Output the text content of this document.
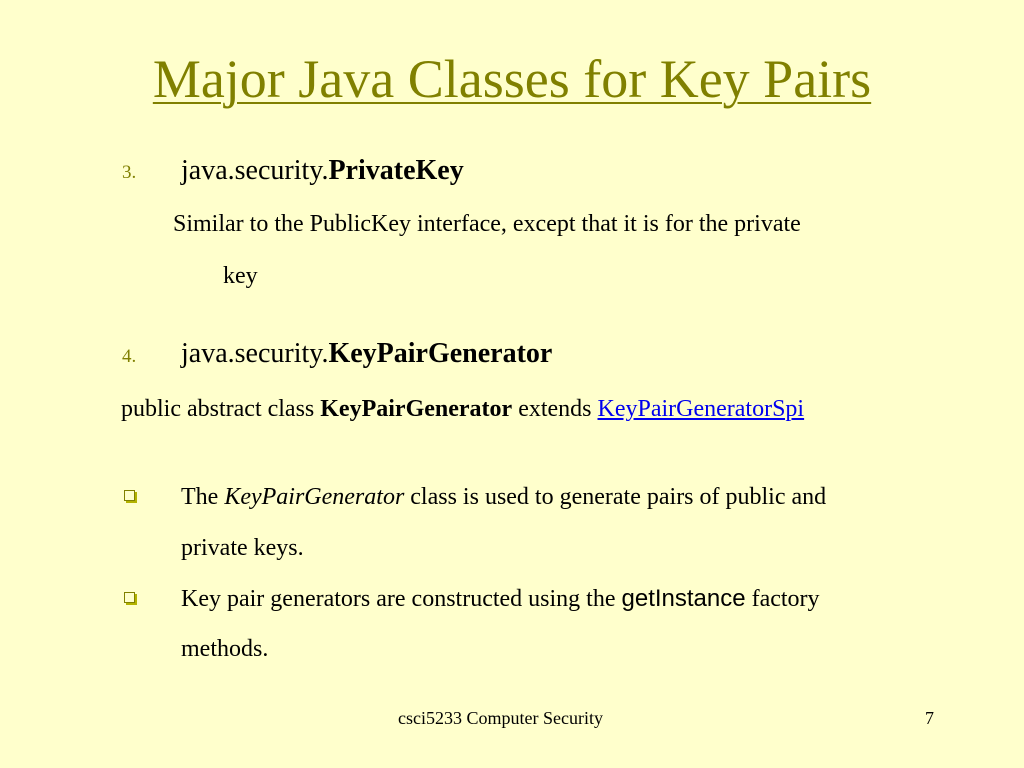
Major Java Classes for Key Pairs
3. java.security.PrivateKey
Similar to the PublicKey interface, except that it is for the private
key
4. java.security.KeyPairGenerator
public abstract class KeyPairGenerator extends KeyPairGeneratorSpi
The KeyPairGenerator class is used to generate pairs of public and
private keys.
Key pair generators are constructed using the getInstance factory
methods.
csci5233 Computer Security	7
